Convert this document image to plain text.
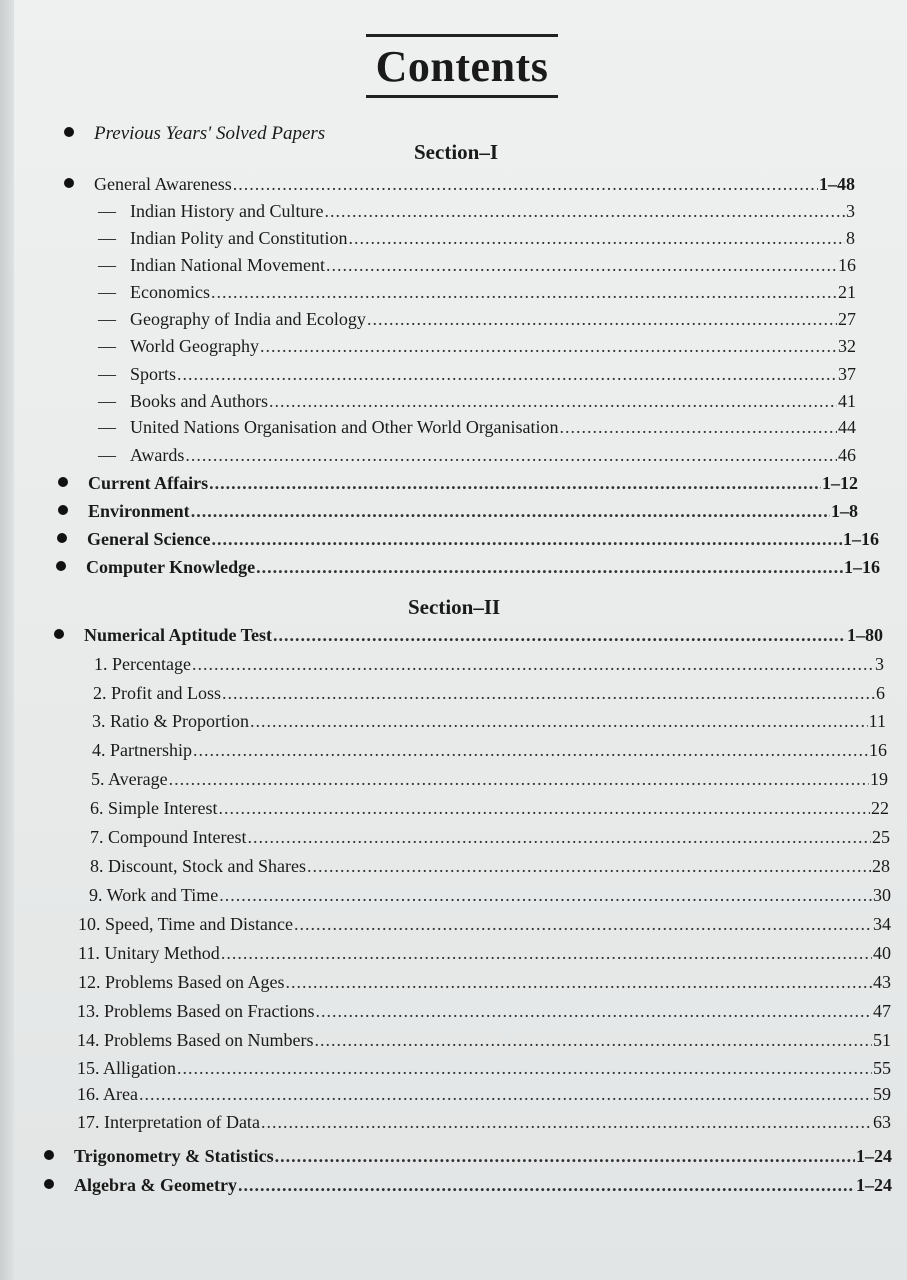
Contents
Previous Years' Solved Papers
Section–I
General Awareness .....	1–48
— Indian History and Culture .....	3
— Indian Polity and Constitution .....	8
— Indian National Movement .....	16
— Economics .....	21
— Geography of India and Ecology .....	27
— World Geography .....	32
— Sports .....	37
— Books and Authors .....	41
— United Nations Organisation and Other World Organisation .....	44
— Awards .....	46
Current Affairs .....	1–12
Environment .....	1–8
General Science .....	1–16
Computer Knowledge .....	1–16
Section–II
Numerical Aptitude Test .....	1–80
1. Percentage .....	3
2. Profit and Loss .....	6
3. Ratio & Proportion .....	11
4. Partnership .....	16
5. Average .....	19
6. Simple Interest .....	22
7. Compound Interest .....	25
8. Discount, Stock and Shares .....	28
9. Work and Time .....	30
10. Speed, Time and Distance .....	34
11. Unitary Method .....	40
12. Problems Based on Ages .....	43
13. Problems Based on Fractions .....	47
14. Problems Based on Numbers .....	51
15. Alligation .....	55
16. Area .....	59
17. Interpretation of Data .....	63
Trigonometry & Statistics .....	1–24
Algebra & Geometry .....	1–24
